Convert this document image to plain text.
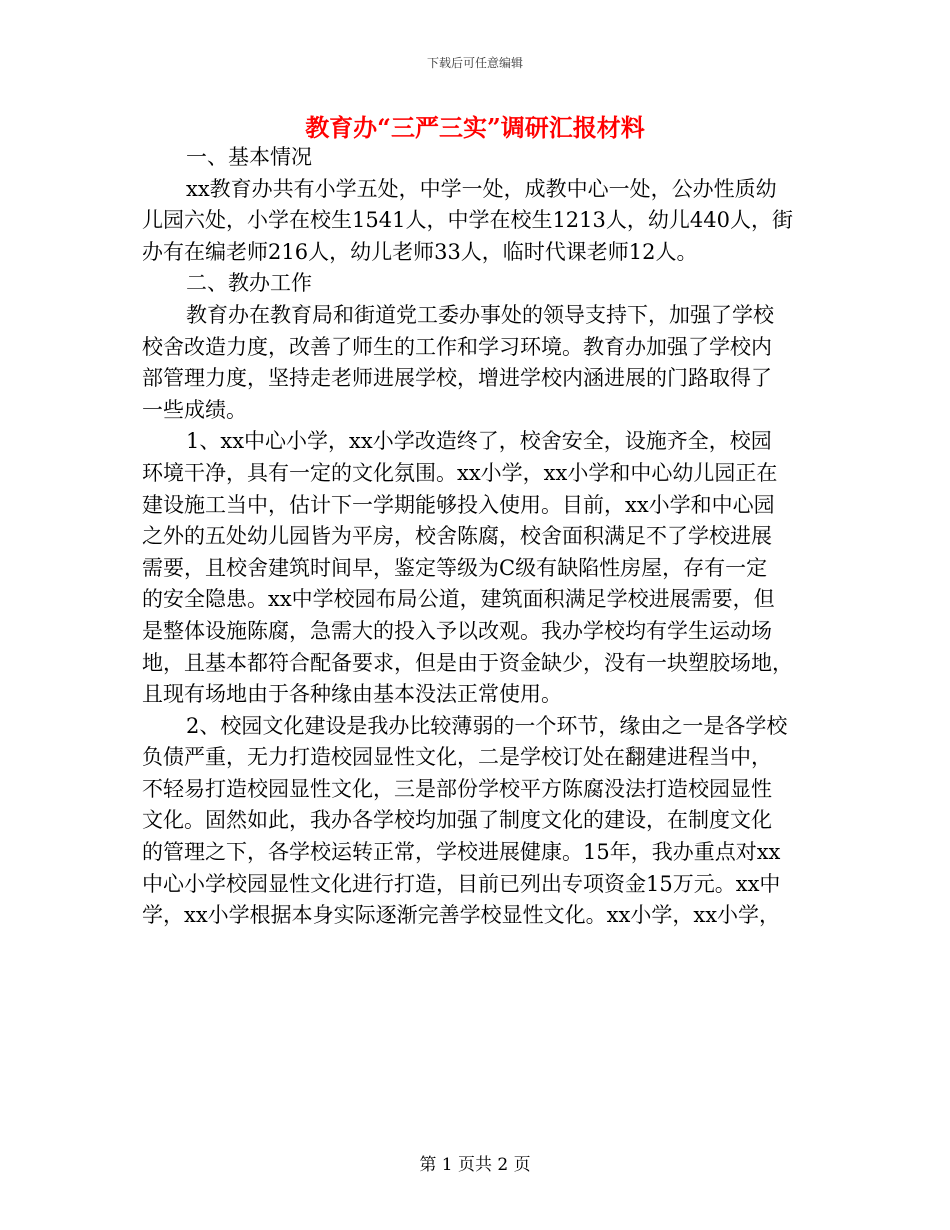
下载后可任意编辑
教育办“三严三实”调研汇报材料
一、基本情况
xx教育办共有小学五处，中学一处，成教中心一处，公办性质幼
儿园六处，小学在校生1541人，中学在校生1213人，幼儿440人，街
办有在编老师216人，幼儿老师33人，临时代课老师12人。
二、教办工作
教育办在教育局和街道党工委办事处的领导支持下，加强了学校
校舍改造力度，改善了师生的工作和学习环境。教育办加强了学校内
部管理力度，坚持走老师进展学校，增进学校内涵进展的门路取得了
一些成绩。
1、xx中心小学，xx小学改造终了，校舍安全，设施齐全，校园
环境干净，具有一定的文化氛围。xx小学，xx小学和中心幼儿园正在
建设施工当中，估计下一学期能够投入使用。目前，xx小学和中心园
之外的五处幼儿园皆为平房，校舍陈腐，校舍面积满足不了学校进展
需要，且校舍建筑时间早，鉴定等级为C级有缺陷性房屋，存有一定
的安全隐患。xx中学校园布局公道，建筑面积满足学校进展需要，但
是整体设施陈腐，急需大的投入予以改观。我办学校均有学生运动场
地，且基本都符合配备要求，但是由于资金缺少，没有一块塑胶场地，
且现有场地由于各种缘由基本没法正常使用。
2、校园文化建设是我办比较薄弱的一个环节，缘由之一是各学校
负债严重，无力打造校园显性文化，二是学校订处在翻建进程当中，
不轻易打造校园显性文化，三是部份学校平方陈腐没法打造校园显性
文化。固然如此，我办各学校均加强了制度文化的建设，在制度文化
的管理之下，各学校运转正常，学校进展健康。15年，我办重点对xx
中心小学校园显性文化进行打造，目前已列出专项资金15万元。xx中
学，xx小学根据本身实际逐渐完善学校显性文化。xx小学，xx小学，
第 1 页共 2 页
